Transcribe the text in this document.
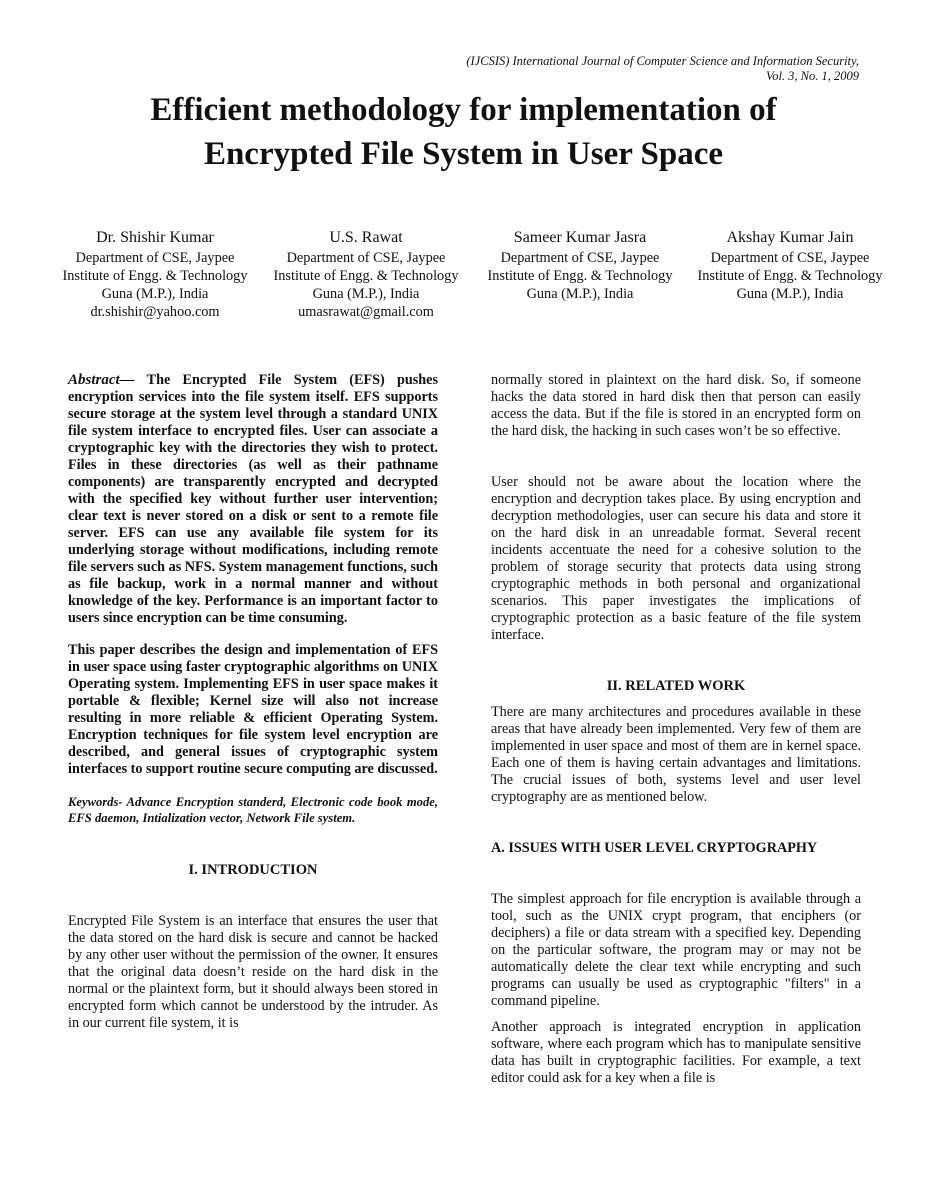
(IJCSIS) International Journal of Computer Science and Information Security,
Vol. 3, No. 1, 2009
Efficient methodology for implementation of
Encrypted File System in User Space
Dr. Shishir Kumar
Department of CSE, Jaypee
Institute of Engg. & Technology
Guna (M.P.), India
dr.shishir@yahoo.com
U.S. Rawat
Department of CSE, Jaypee
Institute of Engg. & Technology
Guna (M.P.), India
umasrawat@gmail.com
Sameer Kumar Jasra
Department of CSE, Jaypee
Institute of Engg. & Technology
Guna (M.P.), India
Akshay Kumar Jain
Department of CSE, Jaypee
Institute of Engg. & Technology
Guna (M.P.), India

Abstract— The Encrypted File System (EFS) pushes encryption services into the file system itself. EFS supports secure storage at the system level through a standard UNIX file system interface to encrypted files. User can associate a cryptographic key with the directories they wish to protect. Files in these directories (as well as their pathname components) are transparently encrypted and decrypted with the specified key without further user intervention; clear text is never stored on a disk or sent to a remote file server. EFS can use any available file system for its underlying storage without modifications, including remote file servers such as NFS. System management functions, such as file backup, work in a normal manner and without knowledge of the key. Performance is an important factor to users since encryption can be time consuming.

This paper describes the design and implementation of EFS in user space using faster cryptographic algorithms on UNIX Operating system. Implementing EFS in user space makes it portable & flexible; Kernel size will also not increase resulting in more reliable & efficient Operating System. Encryption techniques for file system level encryption are described, and general issues of cryptographic system interfaces to support routine secure computing are discussed.

Keywords- Advance Encryption standerd, Electronic code book mode, EFS daemon, Intialization vector, Network File system.

I. INTRODUCTION

Encrypted File System is an interface that ensures the user that the data stored on the hard disk is secure and cannot be hacked by any other user without the permission of the owner. It ensures that the original data doesn’t reside on the hard disk in the normal or the plaintext form, but it should always been stored in encrypted form which cannot be understood by the intruder. As in our current file system, it is

normally stored in plaintext on the hard disk. So, if someone hacks the data stored in hard disk then that person can easily access the data. But if the file is stored in an encrypted form on the hard disk, the hacking in such cases won’t be so effective.

User should not be aware about the location where the encryption and decryption takes place. By using encryption and decryption methodologies, user can secure his data and store it on the hard disk in an unreadable format. Several recent incidents accentuate the need for a cohesive solution to the problem of storage security that protects data using strong cryptographic methods in both personal and organizational scenarios. This paper investigates the implications of cryptographic protection as a basic feature of the file system interface.

II. RELATED WORK

There are many architectures and procedures available in these areas that have already been implemented. Very few of them are implemented in user space and most of them are in kernel space. Each one of them is having certain advantages and limitations. The crucial issues of both, systems level and user level cryptography are as mentioned below.

A. ISSUES WITH USER LEVEL CRYPTOGRAPHY

The simplest approach for file encryption is available through a tool, such as the UNIX crypt program, that enciphers (or deciphers) a file or data stream with a specified key. Depending on the particular software, the program may or may not be automatically delete the clear text while encrypting and such programs can usually be used as cryptographic "filters" in a command pipeline.

Another approach is integrated encryption in application software, where each program which has to manipulate sensitive data has built in cryptographic facilities. For example, a text editor could ask for a key when a file is
